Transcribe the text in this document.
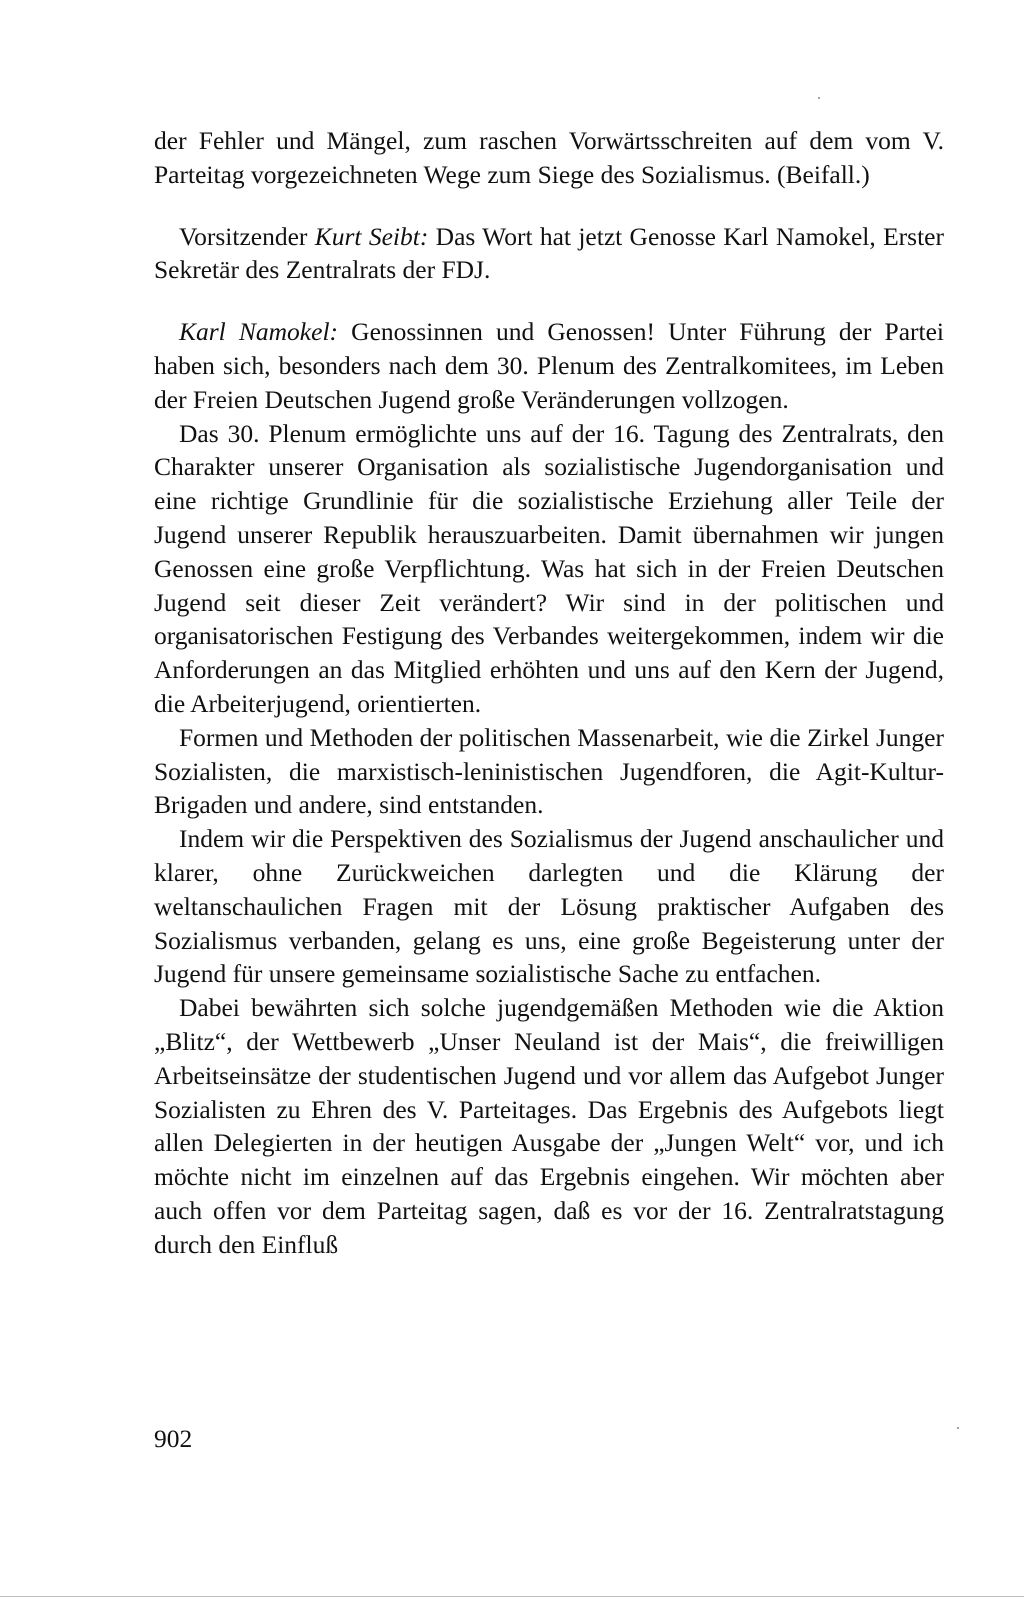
der Fehler und Mängel, zum raschen Vorwärtsschreiten auf dem vom V. Parteitag vorgezeichneten Wege zum Siege des Sozialismus. (Beifall.)

Vorsitzender Kurt Seibt: Das Wort hat jetzt Genosse Karl Namokel, Erster Sekretär des Zentralrats der FDJ.

Karl Namokel: Genossinnen und Genossen! Unter Führung der Partei haben sich, besonders nach dem 30. Plenum des Zentralkomitees, im Leben der Freien Deutschen Jugend große Veränderungen vollzogen.

Das 30. Plenum ermöglichte uns auf der 16. Tagung des Zentralrats, den Charakter unserer Organisation als sozialistische Jugendorganisation und eine richtige Grundlinie für die sozialistische Erziehung aller Teile der Jugend unserer Republik herauszuarbeiten. Damit übernahmen wir jungen Genossen eine große Verpflichtung. Was hat sich in der Freien Deutschen Jugend seit dieser Zeit verändert? Wir sind in der politischen und organisatorischen Festigung des Verbandes weitergekommen, indem wir die Anforderungen an das Mitglied erhöhten und uns auf den Kern der Jugend, die Arbeiterjugend, orientierten.

Formen und Methoden der politischen Massenarbeit, wie die Zirkel Junger Sozialisten, die marxistisch-leninistischen Jugendforen, die Agit-Kultur-Brigaden und andere, sind entstanden.

Indem wir die Perspektiven des Sozialismus der Jugend anschaulicher und klarer, ohne Zurückweichen darlegten und die Klärung der weltanschaulichen Fragen mit der Lösung praktischer Aufgaben des Sozialismus verbanden, gelang es uns, eine große Begeisterung unter der Jugend für unsere gemeinsame sozialistische Sache zu entfachen.

Dabei bewährten sich solche jugendgemäßen Methoden wie die Aktion „Blitz“, der Wettbewerb „Unser Neuland ist der Mais“, die freiwilligen Arbeitseinsätze der studentischen Jugend und vor allem das Aufgebot Junger Sozialisten zu Ehren des V. Parteitages. Das Ergebnis des Aufgebots liegt allen Delegierten in der heutigen Ausgabe der „Jungen Welt“ vor, und ich möchte nicht im einzelnen auf das Ergebnis eingehen. Wir möchten aber auch offen vor dem Parteitag sagen, daß es vor der 16. Zentralratstagung durch den Einfluß

902
